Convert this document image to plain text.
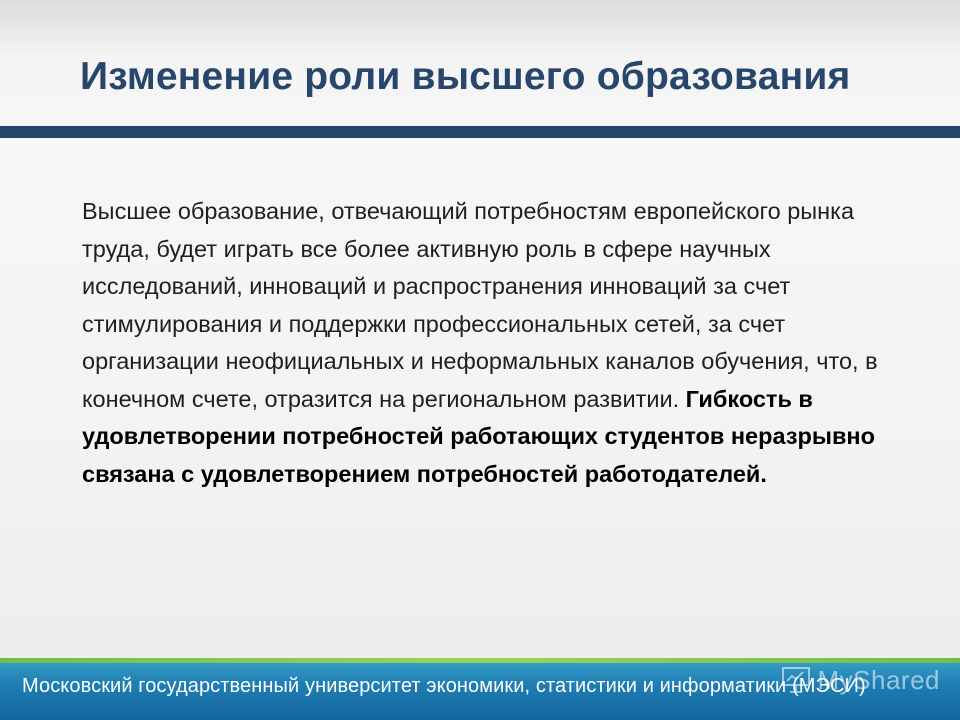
Изменение роли высшего образования
Высшее образование, отвечающий потребностям европейского рынка труда, будет играть все более активную роль в сфере научных исследований, инноваций и распространения инноваций за счет стимулирования и поддержки профессиональных сетей, за счет организации неофициальных и неформальных каналов обучения, что, в конечном счете, отразится на региональном развитии. Гибкость в удовлетворении потребностей работающих студентов неразрывно связана с удовлетворением потребностей работодателей.
Московский государственный университет экономики, статистики и информатики (МЭСИ)
MyShared
